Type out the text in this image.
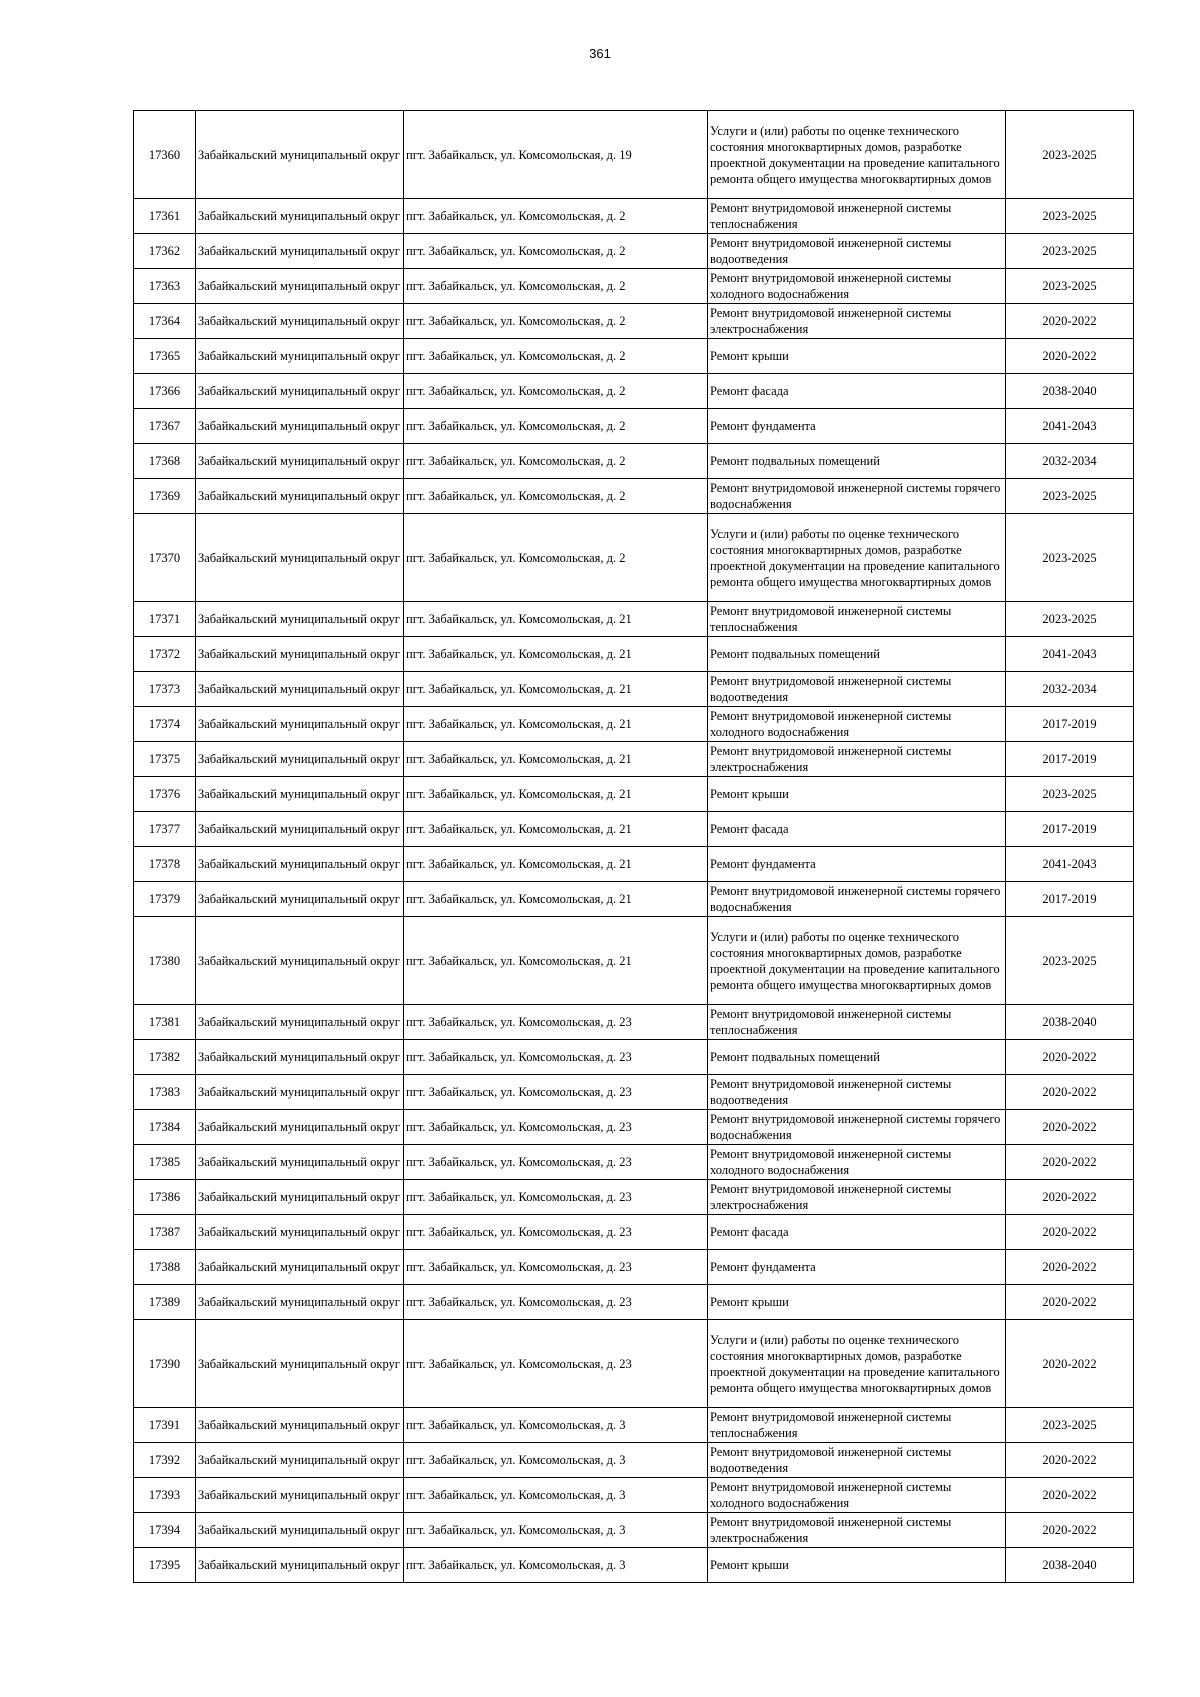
361
17360	Забайкальский муниципальный округ	пгт. Забайкальск, ул. Комсомольская, д. 19	Услуги и (или) работы по оценке технического состояния многоквартирных домов, разработке проектной документации на проведение капитального ремонта общего имущества многоквартирных домов	2023-2025
17361	Забайкальский муниципальный округ	пгт. Забайкальск, ул. Комсомольская, д. 2	Ремонт внутридомовой инженерной системы теплоснабжения	2023-2025
17362	Забайкальский муниципальный округ	пгт. Забайкальск, ул. Комсомольская, д. 2	Ремонт внутридомовой инженерной системы водоотведения	2023-2025
17363	Забайкальский муниципальный округ	пгт. Забайкальск, ул. Комсомольская, д. 2	Ремонт внутридомовой инженерной системы холодного водоснабжения	2023-2025
17364	Забайкальский муниципальный округ	пгт. Забайкальск, ул. Комсомольская, д. 2	Ремонт внутридомовой инженерной системы электроснабжения	2020-2022
17365	Забайкальский муниципальный округ	пгт. Забайкальск, ул. Комсомольская, д. 2	Ремонт крыши	2020-2022
17366	Забайкальский муниципальный округ	пгт. Забайкальск, ул. Комсомольская, д. 2	Ремонт фасада	2038-2040
17367	Забайкальский муниципальный округ	пгт. Забайкальск, ул. Комсомольская, д. 2	Ремонт фундамента	2041-2043
17368	Забайкальский муниципальный округ	пгт. Забайкальск, ул. Комсомольская, д. 2	Ремонт подвальных помещений	2032-2034
17369	Забайкальский муниципальный округ	пгт. Забайкальск, ул. Комсомольская, д. 2	Ремонт внутридомовой инженерной системы горячего водоснабжения	2023-2025
17370	Забайкальский муниципальный округ	пгт. Забайкальск, ул. Комсомольская, д. 2	Услуги и (или) работы по оценке технического состояния многоквартирных домов, разработке проектной документации на проведение капитального ремонта общего имущества многоквартирных домов	2023-2025
17371	Забайкальский муниципальный округ	пгт. Забайкальск, ул. Комсомольская, д. 21	Ремонт внутридомовой инженерной системы теплоснабжения	2023-2025
17372	Забайкальский муниципальный округ	пгт. Забайкальск, ул. Комсомольская, д. 21	Ремонт подвальных помещений	2041-2043
17373	Забайкальский муниципальный округ	пгт. Забайкальск, ул. Комсомольская, д. 21	Ремонт внутридомовой инженерной системы водоотведения	2032-2034
17374	Забайкальский муниципальный округ	пгт. Забайкальск, ул. Комсомольская, д. 21	Ремонт внутридомовой инженерной системы холодного водоснабжения	2017-2019
17375	Забайкальский муниципальный округ	пгт. Забайкальск, ул. Комсомольская, д. 21	Ремонт внутридомовой инженерной системы электроснабжения	2017-2019
17376	Забайкальский муниципальный округ	пгт. Забайкальск, ул. Комсомольская, д. 21	Ремонт крыши	2023-2025
17377	Забайкальский муниципальный округ	пгт. Забайкальск, ул. Комсомольская, д. 21	Ремонт фасада	2017-2019
17378	Забайкальский муниципальный округ	пгт. Забайкальск, ул. Комсомольская, д. 21	Ремонт фундамента	2041-2043
17379	Забайкальский муниципальный округ	пгт. Забайкальск, ул. Комсомольская, д. 21	Ремонт внутридомовой инженерной системы горячего водоснабжения	2017-2019
17380	Забайкальский муниципальный округ	пгт. Забайкальск, ул. Комсомольская, д. 21	Услуги и (или) работы по оценке технического состояния многоквартирных домов, разработке проектной документации на проведение капитального ремонта общего имущества многоквартирных домов	2023-2025
17381	Забайкальский муниципальный округ	пгт. Забайкальск, ул. Комсомольская, д. 23	Ремонт внутридомовой инженерной системы теплоснабжения	2038-2040
17382	Забайкальский муниципальный округ	пгт. Забайкальск, ул. Комсомольская, д. 23	Ремонт подвальных помещений	2020-2022
17383	Забайкальский муниципальный округ	пгт. Забайкальск, ул. Комсомольская, д. 23	Ремонт внутридомовой инженерной системы водоотведения	2020-2022
17384	Забайкальский муниципальный округ	пгт. Забайкальск, ул. Комсомольская, д. 23	Ремонт внутридомовой инженерной системы горячего водоснабжения	2020-2022
17385	Забайкальский муниципальный округ	пгт. Забайкальск, ул. Комсомольская, д. 23	Ремонт внутридомовой инженерной системы холодного водоснабжения	2020-2022
17386	Забайкальский муниципальный округ	пгт. Забайкальск, ул. Комсомольская, д. 23	Ремонт внутридомовой инженерной системы электроснабжения	2020-2022
17387	Забайкальский муниципальный округ	пгт. Забайкальск, ул. Комсомольская, д. 23	Ремонт фасада	2020-2022
17388	Забайкальский муниципальный округ	пгт. Забайкальск, ул. Комсомольская, д. 23	Ремонт фундамента	2020-2022
17389	Забайкальский муниципальный округ	пгт. Забайкальск, ул. Комсомольская, д. 23	Ремонт крыши	2020-2022
17390	Забайкальский муниципальный округ	пгт. Забайкальск, ул. Комсомольская, д. 23	Услуги и (или) работы по оценке технического состояния многоквартирных домов, разработке проектной документации на проведение капитального ремонта общего имущества многоквартирных домов	2020-2022
17391	Забайкальский муниципальный округ	пгт. Забайкальск, ул. Комсомольская, д. 3	Ремонт внутридомовой инженерной системы теплоснабжения	2023-2025
17392	Забайкальский муниципальный округ	пгт. Забайкальск, ул. Комсомольская, д. 3	Ремонт внутридомовой инженерной системы водоотведения	2020-2022
17393	Забайкальский муниципальный округ	пгт. Забайкальск, ул. Комсомольская, д. 3	Ремонт внутридомовой инженерной системы холодного водоснабжения	2020-2022
17394	Забайкальский муниципальный округ	пгт. Забайкальск, ул. Комсомольская, д. 3	Ремонт внутридомовой инженерной системы электроснабжения	2020-2022
17395	Забайкальский муниципальный округ	пгт. Забайкальск, ул. Комсомольская, д. 3	Ремонт крыши	2038-2040
